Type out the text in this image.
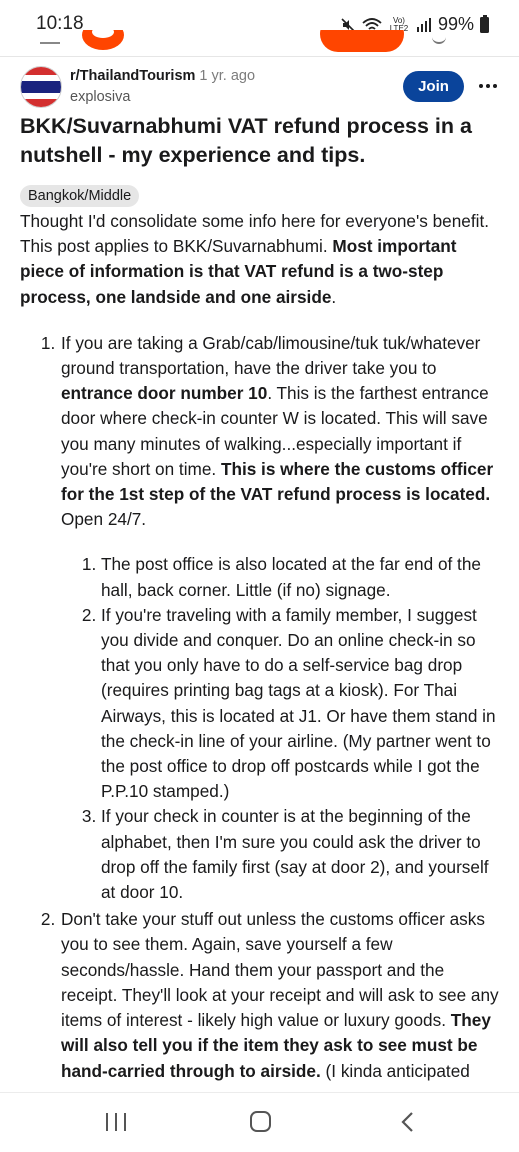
10:18	Vo) LTE2 99%
r/ThailandTourism 1 yr. ago
explosiva
Join
BKK/Suvarnabhumi VAT refund process in a nutshell - my experience and tips.
Bangkok/Middle

Thought I'd consolidate some info here for everyone's benefit. This post applies to BKK/Suvarnabhumi. Most important piece of information is that VAT refund is a two-step process, one landside and one airside.

1. If you are taking a Grab/cab/limousine/tuk tuk/whatever ground transportation, have the driver take you to entrance door number 10. This is the farthest entrance door where check-in counter W is located. This will save you many minutes of walking...especially important if you're short on time. This is where the customs officer for the 1st step of the VAT refund process is located. Open 24/7.
1. The post office is also located at the far end of the hall, back corner. Little (if no) signage.
2. If you're traveling with a family member, I suggest you divide and conquer. Do an online check-in so that you only have to do a self-service bag drop (requires printing bag tags at a kiosk). For Thai Airways, this is located at J1. Or have them stand in the check-in line of your airline. (My partner went to the post office to drop off postcards while I got the P.P.10 stamped.)
3. If your check in counter is at the beginning of the alphabet, then I'm sure you could ask the driver to drop off the family first (say at door 2), and yourself at door 10.
2. Don't take your stuff out unless the customs officer asks you to see them. Again, save yourself a few seconds/hassle. Hand them your passport and the receipt. They'll look at your receipt and will ask to see any items of interest - likely high value or luxury goods. They will also tell you if the item they ask to see must be hand-carried through to airside. (I kinda anticipated
